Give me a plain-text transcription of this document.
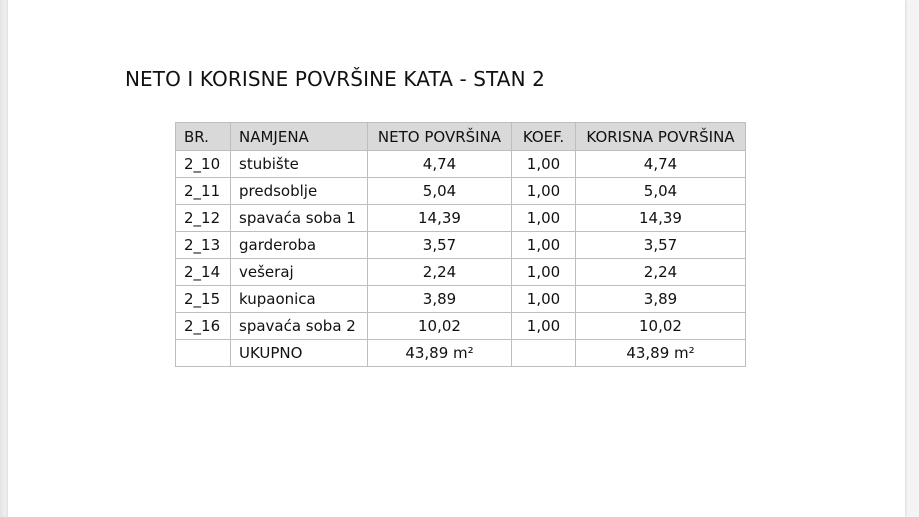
NETO I KORISNE POVRŠINE KATA - STAN 2
BR.	NAMJENA	NETO POVRŠINA	KOEF.	KORISNA POVRŠINA
2_10	stubište	4,74	1,00	4,74
2_11	predsoblje	5,04	1,00	5,04
2_12	spavaća soba 1	14,39	1,00	14,39
2_13	garderoba	3,57	1,00	3,57
2_14	vešeraj	2,24	1,00	2,24
2_15	kupaonica	3,89	1,00	3,89
2_16	spavaća soba 2	10,02	1,00	10,02
	UKUPNO	43,89 m²		43,89 m²
